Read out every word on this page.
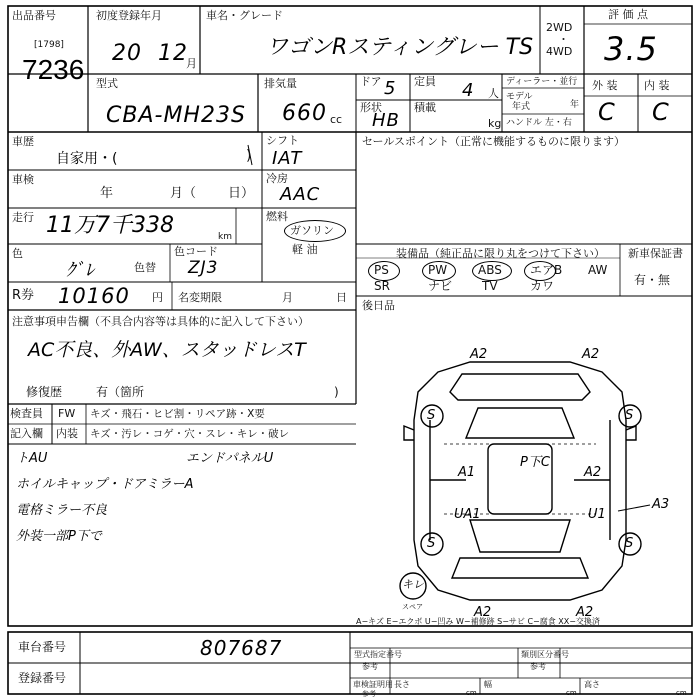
出品番号
[1798]
7236
初度登録年月
20 12
月
車名・グレード
ワゴンRスティングレー TS
2WD
・
4WD
評 価 点
3.5
型式
CBA-MH23S
排気量
660 cc
ドア 5 定員 4 人
形状
HB
積載
kg
ディーラー・並行
モデル
年式	年
ハンドル 左・右
外 装 内 装
C C
車歴
自家用・(	)
シフト
IAT
セールスポイント（正常に機能するものに限ります）
車検
年	月（ 日）
冷房
AAC
走行 11万7千338	km
燃料
ガソリン
軽 油
色
ｸﾞﾚ	色替
色コード
ZJ3
R券 10160 円 名変期限	月	日
装備品（純正品に限り丸をつけて下さい） 新車保証書
有・無
PS	PW	ABS エアB AW
SR	ナビ TV	カワ
後日品
注意事項申告欄（不具合内容等は具体的に記入して下さい）
AC不良、外AW、スタッドレスT
修復歴	有（箇所	)
検査員
記入欄
FW キズ・飛石・ヒビ割・リペア跡・X要
内装 キズ・汚レ・コゲ・穴・スレ・キレ・破レ
トAU
ホイルキャップ・ドアミラーA
電格ミラー不良
外装一部P下で
エンドパネルU
A2	A2
A1
P下C
A2
UA1	U1
A3
A2	A2
S	S
S	S
キレ
スペア
A−キズ E−エクボ U−凹み W−補修跡 S−サビ C−腐食 XX−交換済
車台番号	807687
登録番号
型式指定番号
参考
類別区分番号
参考
車検証明用
参考
長さ
cm
幅
cm
高さ
cm
